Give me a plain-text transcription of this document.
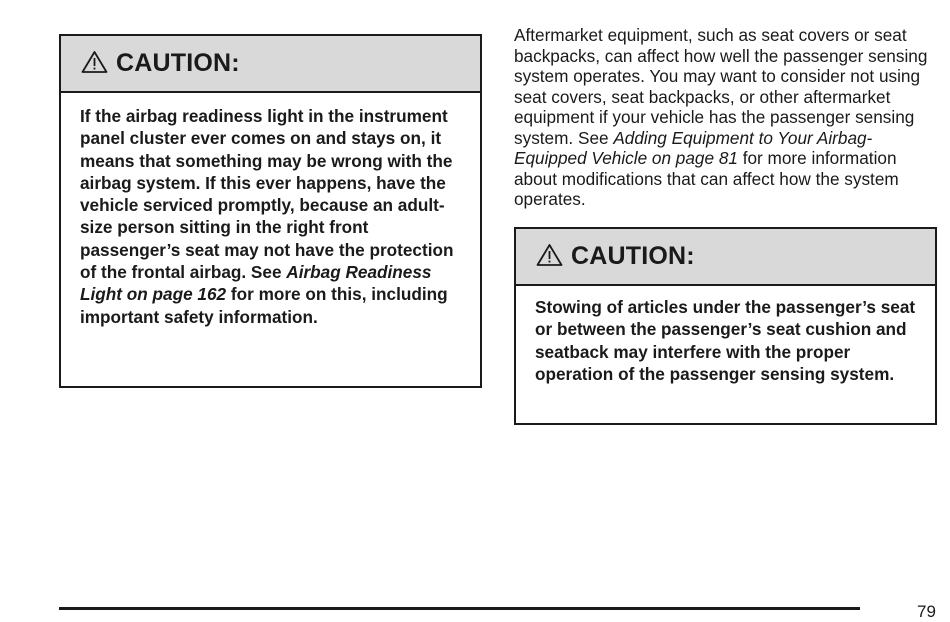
CAUTION:
If the airbag readiness light in the instrument panel cluster ever comes on and stays on, it means that something may be wrong with the airbag system. If this ever happens, have the vehicle serviced promptly, because an adult-size person sitting in the right front passenger’s seat may not have the protection of the frontal airbag. See Airbag Readiness Light on page 162 for more on this, including important safety information.
Aftermarket equipment, such as seat covers or seat backpacks, can affect how well the passenger sensing system operates. You may want to consider not using seat covers, seat backpacks, or other aftermarket equipment if your vehicle has the passenger sensing system. See Adding Equipment to Your Airbag-Equipped Vehicle on page 81 for more information about modifications that can affect how the system operates.
CAUTION:
Stowing of articles under the passenger’s seat or between the passenger’s seat cushion and seatback may interfere with the proper operation of the passenger sensing system.
79
